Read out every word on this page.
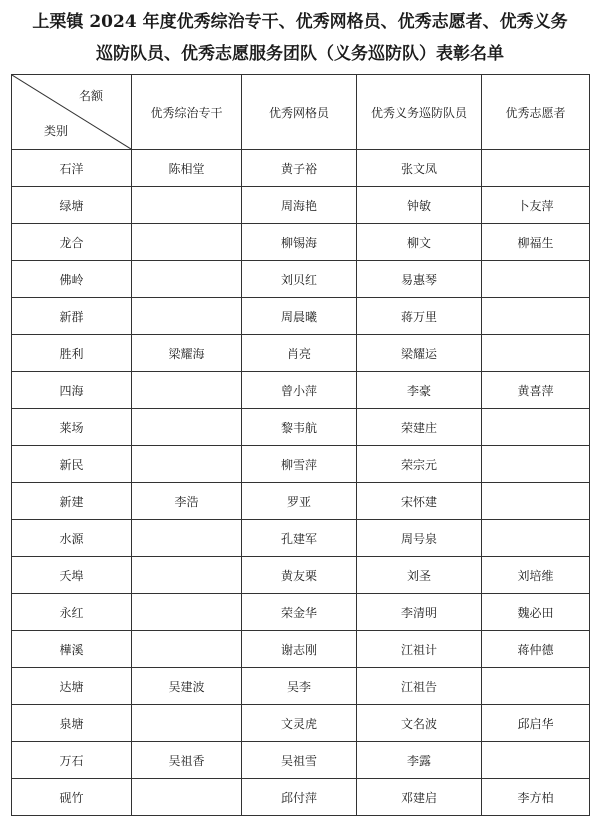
上栗镇 2024 年度优秀综治专干、优秀网格员、优秀志愿者、优秀义务
巡防队员、优秀志愿服务团队（义务巡防队）表彰名单
名额
类别	优秀综治专干	优秀网格员	优秀义务巡防队员	优秀志愿者
石洋	陈相堂	黄子裕	张文凤	
绿塘		周海艳	钟敏	卜友萍
龙合		柳锡海	柳文	柳福生
佛岭		刘贝红	易惠琴	
新群		周晨曦	蒋万里	
胜利	梁耀海	肖亮	梁耀运	
四海		曾小萍	李豪	黄喜萍
莱场		黎韦航	荣建庄	
新民		柳雪萍	荣宗元	
新建	李浩	罗亚	宋怀建	
水源		孔建军	周号泉	
夭埠		黄友栗	刘圣	刘培维
永红		荣金华	李清明	魏必田
樺溪		谢志刚	江祖计	蒋仲德
达塘	吴建波	吴李	江祖告	
泉塘		文灵虎	文名波	邱启华
万石	吴祖香	吴祖雪	李露	
砚竹		邱付萍	邓建启	李方柏
